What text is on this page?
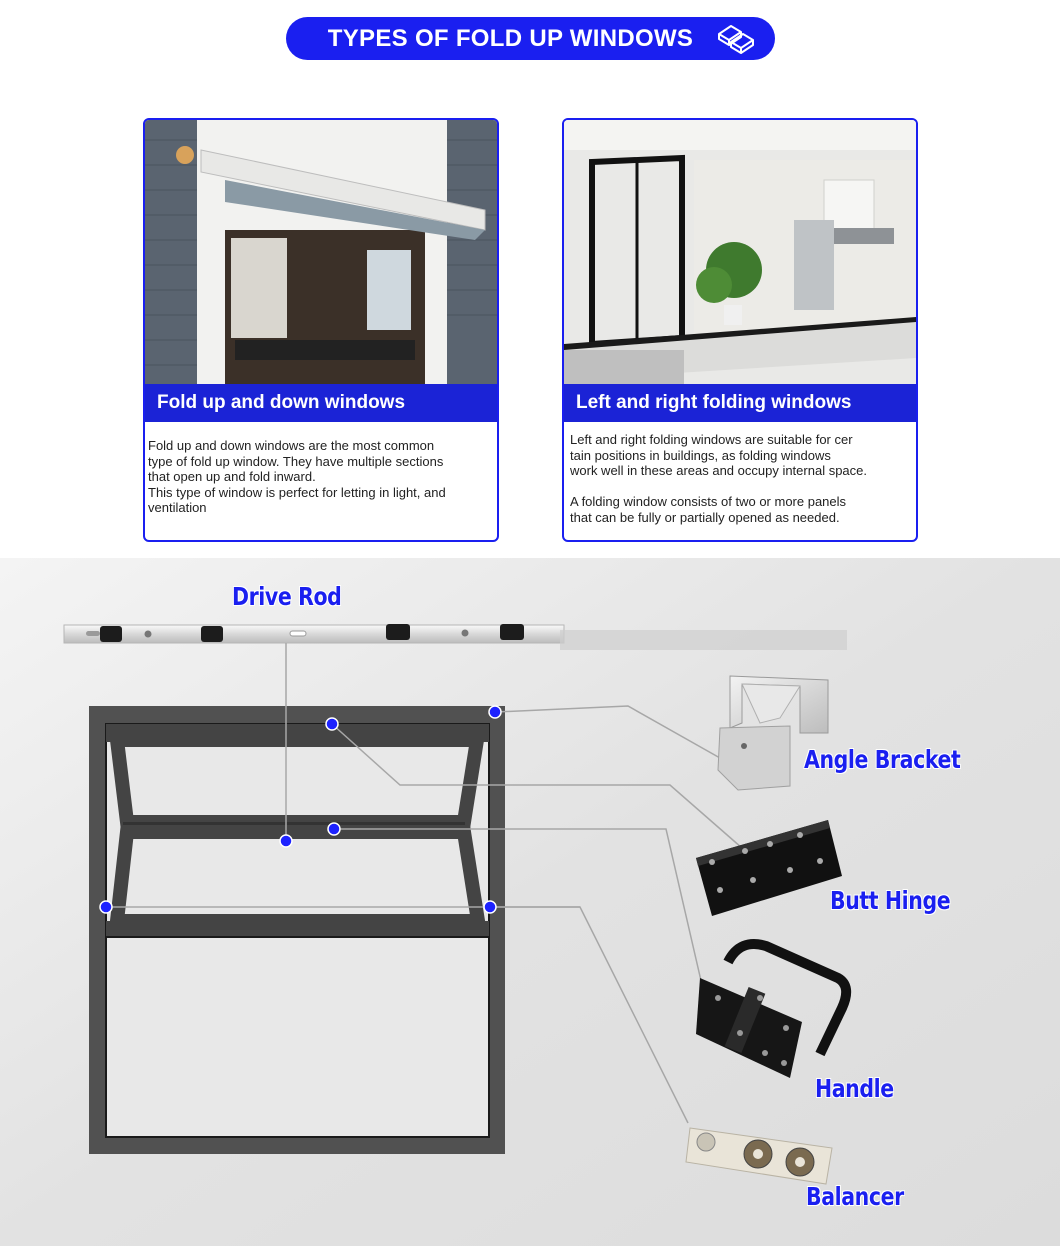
TYPES OF FOLD UP WINDOWS
Fold up and down windows
Fold up and down windows are the most common
type of fold up window. They have multiple sections
that open up and fold inward.
This type of window is perfect for letting in light, and
ventilation
Left and right folding windows
Left and right folding windows are suitable for cer
tain positions in buildings, as folding windows
work well in these areas and occupy internal space.

A folding window consists of two or more panels
that can be fully or partially opened as needed.
Drive Rod
Angle Bracket
Butt Hinge
Handle
Balancer
